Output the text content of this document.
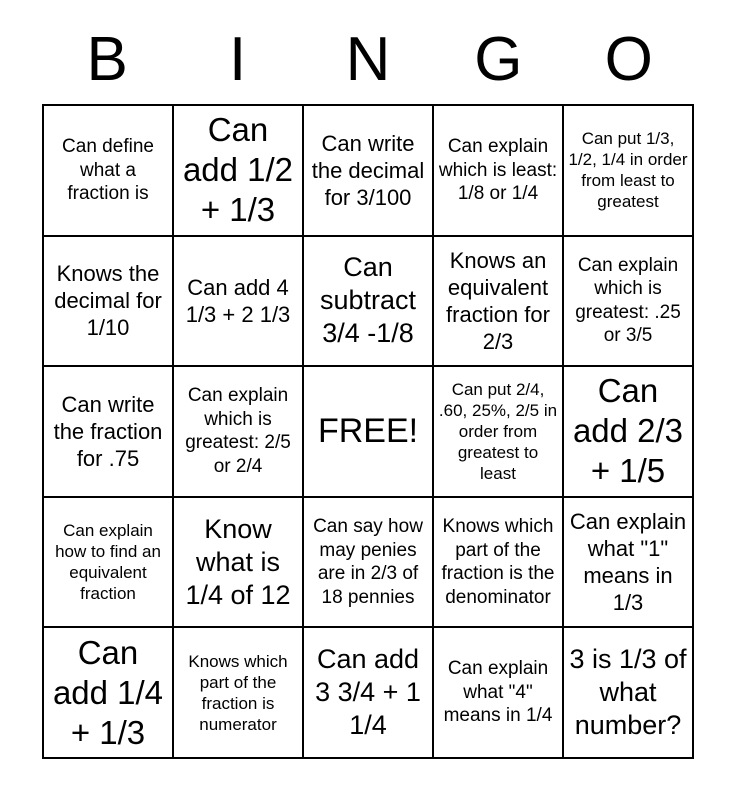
B I N G O
Can define what a fraction is
Can add 1/2 + 1/3
Can write the decimal for 3/100
Can explain which is least: 1/8 or 1/4
Can put 1/3, 1/2, 1/4 in order from least to greatest
Knows the decimal for 1/10
Can add 4 1/3 + 2 1/3
Can subtract 3/4 -1/8
Knows an equivalent fraction for 2/3
Can explain which is greatest: .25 or 3/5
Can write the fraction for .75
Can explain which is greatest: 2/5 or 2/4
FREE!
Can put 2/4, .60, 25%, 2/5 in order from greatest to least
Can add 2/3 + 1/5
Can explain how to find an equivalent fraction
Know what is 1/4 of 12
Can say how may penies are in 2/3 of 18 pennies
Knows which part of the fraction is the denominator
Can explain what "1" means in 1/3
Can add 1/4 + 1/3
Knows which part of the fraction is numerator
Can add 3 3/4 + 1 1/4
Can explain what "4" means in 1/4
3 is 1/3 of what number?
